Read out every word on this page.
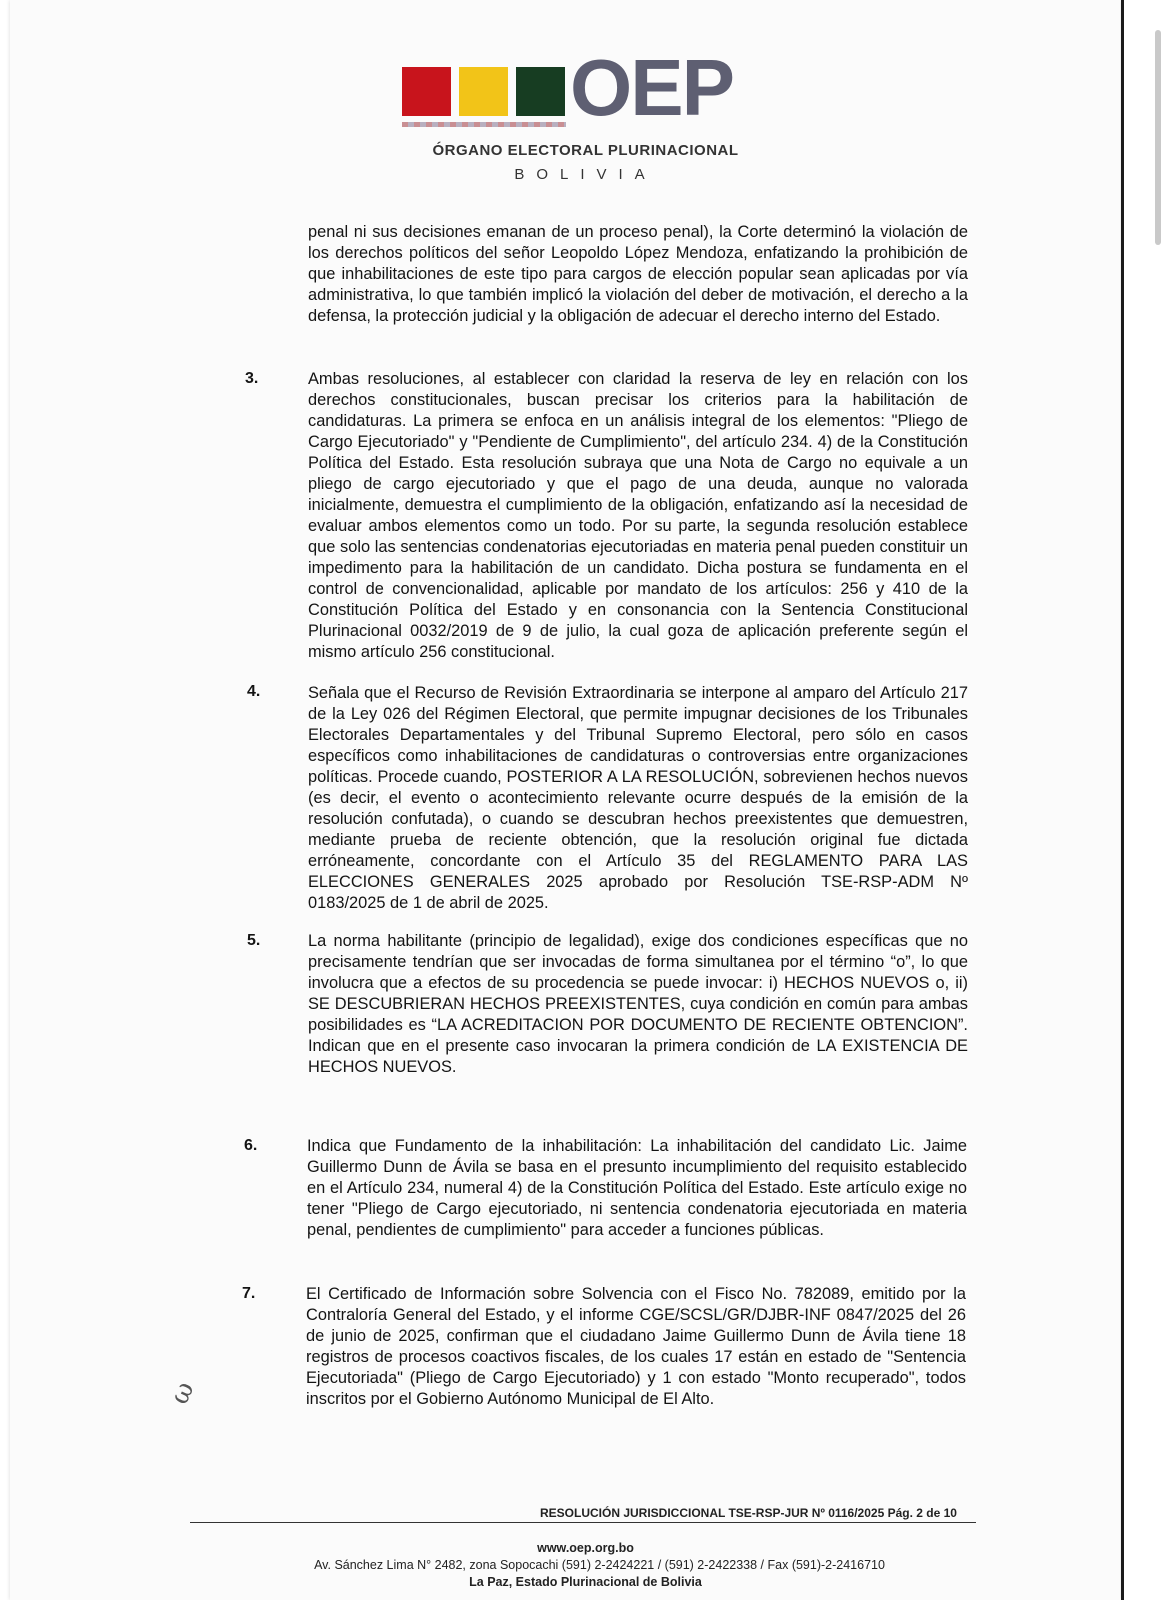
OEP
ÓRGANO ELECTORAL PLURINACIONAL
BOLIVIA
penal ni sus decisiones emanan de un proceso penal), la Corte determinó la violación de los derechos políticos del señor Leopoldo López Mendoza, enfatizando la prohibición de que inhabilitaciones de este tipo para cargos de elección popular sean aplicadas por vía administrativa, lo que también implicó la violación del deber de motivación, el derecho a la defensa, la protección judicial y la obligación de adecuar el derecho interno del Estado.
3.	Ambas resoluciones, al establecer con claridad la reserva de ley en relación con los derechos constitucionales, buscan precisar los criterios para la habilitación de candidaturas. La primera se enfoca en un análisis integral de los elementos: "Pliego de Cargo Ejecutoriado" y "Pendiente de Cumplimiento", del artículo 234. 4) de la Constitución Política del Estado. Esta resolución subraya que una Nota de Cargo no equivale a un pliego de cargo ejecutoriado y que el pago de una deuda, aunque no valorada inicialmente, demuestra el cumplimiento de la obligación, enfatizando así la necesidad de evaluar ambos elementos como un todo. Por su parte, la segunda resolución establece que solo las sentencias condenatorias ejecutoriadas en materia penal pueden constituir un impedimento para la habilitación de un candidato. Dicha postura se fundamenta en el control de convencionalidad, aplicable por mandato de los artículos: 256 y 410 de la Constitución Política del Estado y en consonancia con la Sentencia Constitucional Plurinacional 0032/2019 de 9 de julio, la cual goza de aplicación preferente según el mismo artículo 256 constitucional.
4.	Señala que el Recurso de Revisión Extraordinaria se interpone al amparo del Artículo 217 de la Ley 026 del Régimen Electoral, que permite impugnar decisiones de los Tribunales Electorales Departamentales y del Tribunal Supremo Electoral, pero sólo en casos específicos como inhabilitaciones de candidaturas o controversias entre organizaciones políticas. Procede cuando, POSTERIOR A LA RESOLUCIÓN, sobrevienen hechos nuevos (es decir, el evento o acontecimiento relevante ocurre después de la emisión de la resolución confutada), o cuando se descubran hechos preexistentes que demuestren, mediante prueba de reciente obtención, que la resolución original fue dictada erróneamente, concordante con el Artículo 35 del REGLAMENTO PARA LAS ELECCIONES GENERALES 2025 aprobado por Resolución TSE-RSP-ADM Nº 0183/2025 de 1 de abril de 2025.
5.	La norma habilitante (principio de legalidad), exige dos condiciones específicas que no precisamente tendrían que ser invocadas de forma simultanea por el término “o”, lo que involucra que a efectos de su procedencia se puede invocar: i) HECHOS NUEVOS o, ii) SE DESCUBRIERAN HECHOS PREEXISTENTES, cuya condición en común para ambas posibilidades es “LA ACREDITACION POR DOCUMENTO DE RECIENTE OBTENCION”. Indican que en el presente caso invocaran la primera condición de LA EXISTENCIA DE HECHOS NUEVOS.
6.	Indica que Fundamento de la inhabilitación: La inhabilitación del candidato Lic. Jaime Guillermo Dunn de Ávila se basa en el presunto incumplimiento del requisito establecido en el Artículo 234, numeral 4) de la Constitución Política del Estado. Este artículo exige no tener "Pliego de Cargo ejecutoriado, ni sentencia condenatoria ejecutoriada en materia penal, pendientes de cumplimiento" para acceder a funciones públicas.
7.	El Certificado de Información sobre Solvencia con el Fisco No. 782089, emitido por la Contraloría General del Estado, y el informe CGE/SCSL/GR/DJBR-INF 0847/2025 del 26 de junio de 2025, confirman que el ciudadano Jaime Guillermo Dunn de Ávila tiene 18 registros de procesos coactivos fiscales, de los cuales 17 están en estado de "Sentencia Ejecutoriada" (Pliego de Cargo Ejecutoriado) y 1 con estado "Monto recuperado", todos inscritos por el Gobierno Autónomo Municipal de El Alto.
ω
RESOLUCIÓN JURISDICCIONAL TSE-RSP-JUR Nº 0116/2025 Pág. 2 de 10
www.oep.org.bo
Av. Sánchez Lima N° 2482, zona Sopocachi (591) 2-2424221 / (591) 2-2422338 / Fax (591)-2-2416710
La Paz, Estado Plurinacional de Bolivia
